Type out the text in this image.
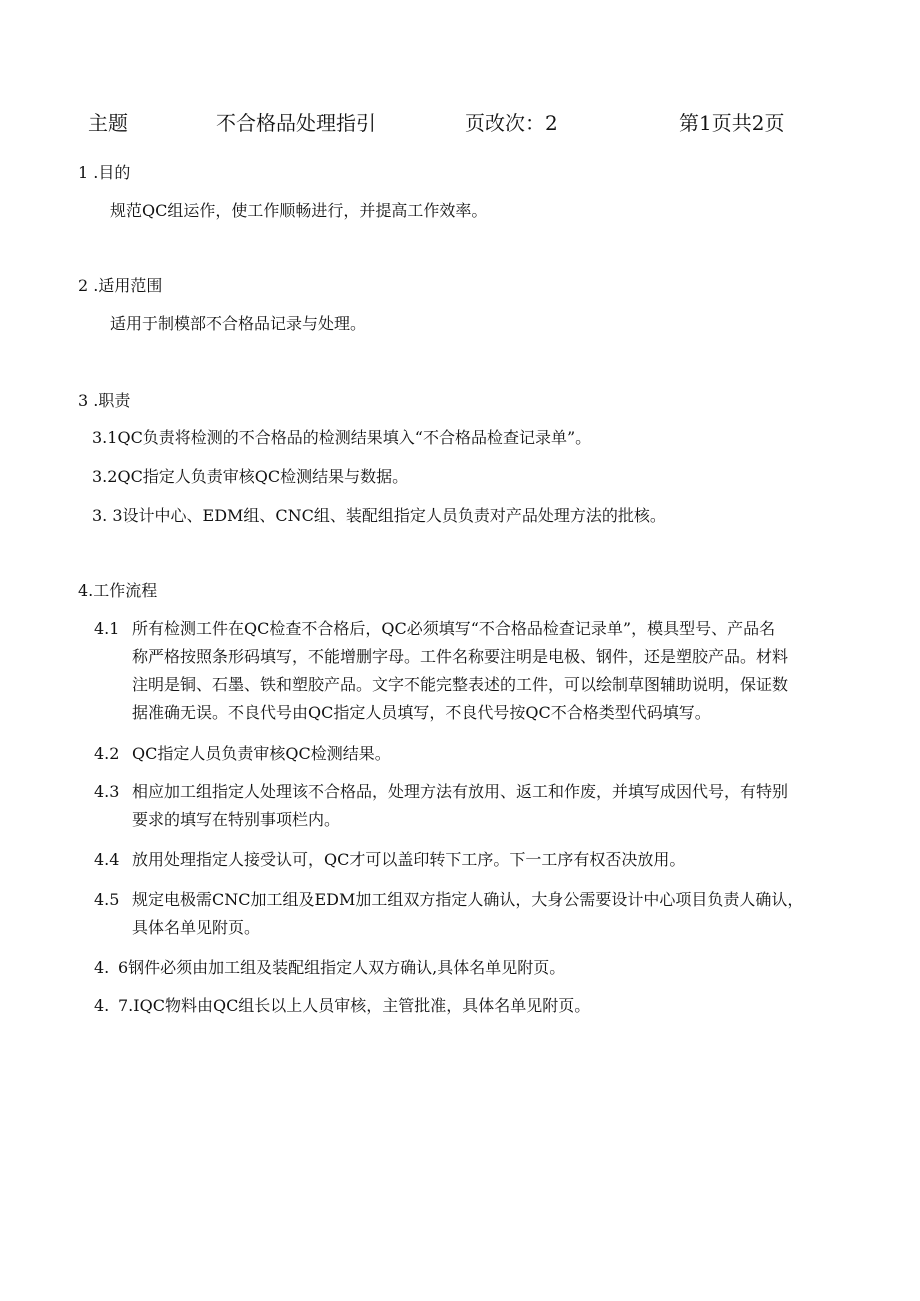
主题	不合格品处理指引	页改次：2	第1页共2页
1 .目的
规范QC组运作，使工作顺畅进行，并提高工作效率。
2 .适用范围
适用于制模部不合格品记录与处理。
3 .职责
3.1QC负责将检测的不合格品的检测结果填入“不合格品检查记录单”。
3.2QC指定人负责审核QC检测结果与数据。
3. 3设计中心、EDM组、CNC组、装配组指定人员负责对产品处理方法的批核。
4.工作流程
4.1 所有检测工件在QC检查不合格后，QC必须填写“不合格品检查记录单”，模具型号、产品名
称严格按照条形码填写，不能增删字母。工件名称要注明是电极、钢件，还是塑胶产品。材料
注明是铜、石墨、铁和塑胶产品。文字不能完整表述的工件，可以绘制草图辅助说明，保证数
据准确无误。不良代号由QC指定人员填写，不良代号按QC不合格类型代码填写。
4.2 QC指定人员负责审核QC检测结果。
4.3 相应加工组指定人处理该不合格品，处理方法有放用、返工和作废，并填写成因代号，有特别
要求的填写在特别事项栏内。
4.4 放用处理指定人接受认可，QC才可以盖印转下工序。下一工序有权否决放用。
4.5 规定电极需CNC加工组及EDM加工组双方指定人确认，大身公需要设计中心项目负责人确认，
具体名单见附页。
4. 6钢件必须由加工组及装配组指定人双方确认,具体名单见附页。
4. 7.IQC物料由QC组长以上人员审核，主管批准，具体名单见附页。
